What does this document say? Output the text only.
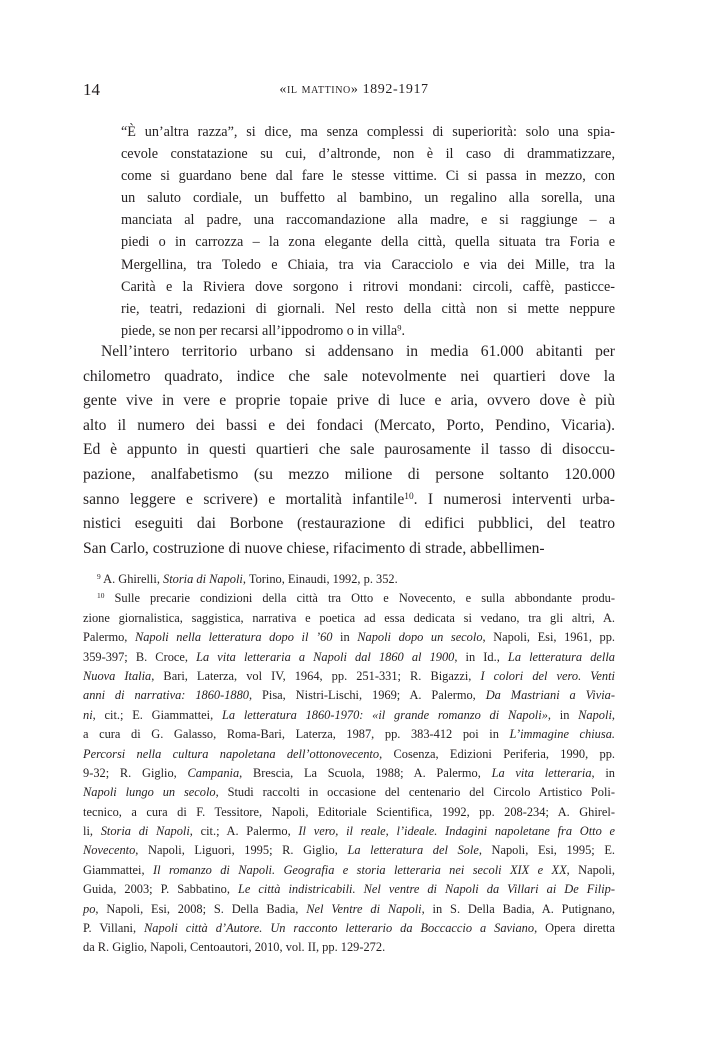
14	«il mattino» 1892-1917
“È un’altra razza”, si dice, ma senza complessi di superiorità: solo una spia-
cevole constatazione su cui, d’altronde, non è il caso di drammatizzare,
come si guardano bene dal fare le stesse vittime. Ci si passa in mezzo, con
un saluto cordiale, un buffetto al bambino, un regalino alla sorella, una
manciata al padre, una raccomandazione alla madre, e si raggiunge – a
piedi o in carrozza – la zona elegante della città, quella situata tra Foria e
Mergellina, tra Toledo e Chiaia, tra via Caracciolo e via dei Mille, tra la
Carità e la Riviera dove sorgono i ritrovi mondani: circoli, caffè, pasticce-
rie, teatri, redazioni di giornali. Nel resto della città non si mette neppure
piede, se non per recarsi all’ippodromo o in villa$^9$.
Nell’intero territorio urbano si addensano in media 61.000 abitanti per
chilometro quadrato, indice che sale notevolmente nei quartieri dove la
gente vive in vere e proprie topaie prive di luce e aria, ovvero dove è più
alto il numero dei bassi e dei fondaci (Mercato, Porto, Pendino, Vicaria).
Ed è appunto in questi quartieri che sale paurosamente il tasso di disoccu-
pazione, analfabetismo (su mezzo milione di persone soltanto 120.000
sanno leggere e scrivere) e mortalità infantile$^{10}$. I numerosi interventi urba-
nistici eseguiti dai Borbone (restaurazione di edifici pubblici, del teatro
San Carlo, costruzione di nuove chiese, rifacimento di strade, abbellimen-
$^9$ A. Ghirelli, Storia di Napoli, Torino, Einaudi, 1992, p. 352.
$^{10}$ Sulle precarie condizioni della città tra Otto e Novecento, e sulla abbondante produ-
zione giornalistica, saggistica, narrativa e poetica ad essa dedicata si vedano, tra gli altri, A.
Palermo, Napoli nella letteratura dopo il ’60 in Napoli dopo un secolo, Napoli, Esi, 1961, pp.
359-397; B. Croce, La vita letteraria a Napoli dal 1860 al 1900, in Id., La letteratura della
Nuova Italia, Bari, Laterza, vol IV, 1964, pp. 251-331; R. Bigazzi, I colori del vero. Venti
anni di narrativa: 1860-1880, Pisa, Nistri-Lischi, 1969; A. Palermo, Da Mastriani a Vivia-
ni, cit.; E. Giammattei, La letteratura 1860-1970: «il grande romanzo di Napoli», in Napoli,
a cura di G. Galasso, Roma-Bari, Laterza, 1987, pp. 383-412 poi in L’immagine chiusa.
Percorsi nella cultura napoletana dell’ottonovecento, Cosenza, Edizioni Periferia, 1990, pp.
9-32; R. Giglio, Campania, Brescia, La Scuola, 1988; A. Palermo, La vita letteraria, in
Napoli lungo un secolo, Studi raccolti in occasione del centenario del Circolo Artistico Poli-
tecnico, a cura di F. Tessitore, Napoli, Editoriale Scientifica, 1992, pp. 208-234; A. Ghirel-
li, Storia di Napoli, cit.; A. Palermo, Il vero, il reale, l’ideale. Indagini napoletane fra Otto e
Novecento, Napoli, Liguori, 1995; R. Giglio, La letteratura del Sole, Napoli, Esi, 1995; E.
Giammattei, Il romanzo di Napoli. Geografia e storia letteraria nei secoli XIX e XX, Napoli,
Guida, 2003; P. Sabbatino, Le città indistricabili. Nel ventre di Napoli da Villari ai De Filip-
po, Napoli, Esi, 2008; S. Della Badia, Nel Ventre di Napoli, in S. Della Badia, A. Putignano,
P. Villani, Napoli città d’Autore. Un racconto letterario da Boccaccio a Saviano, Opera diretta
da R. Giglio, Napoli, Centoautori, 2010, vol. II, pp. 129-272.
